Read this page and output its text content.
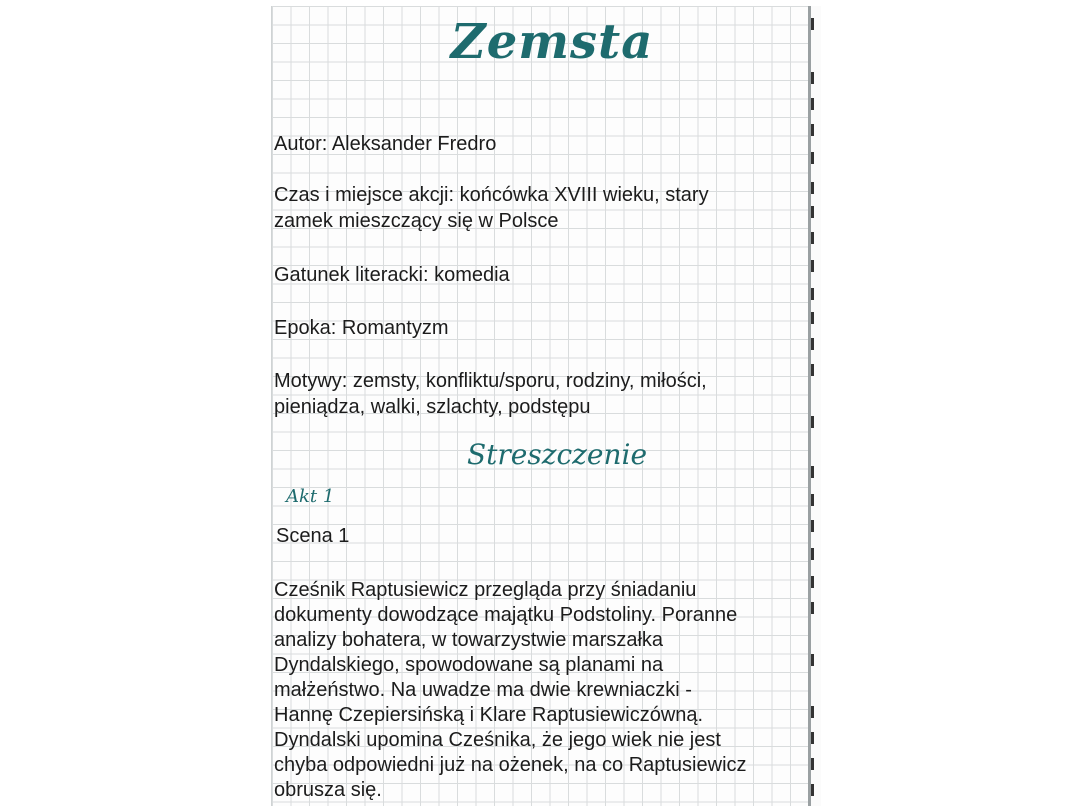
Zemsta
Autor: Aleksander Fredro
Czas i miejsce akcji: końcówka XVIII wieku, stary
zamek mieszczący się w Polsce
Gatunek literacki: komedia
Epoka: Romantyzm
Motywy: zemsty, konfliktu/sporu, rodziny, miłości,
pieniądza, walki, szlachty, podstępu
Streszczenie
Akt 1
Scena 1
Cześnik Raptusiewicz przegląda przy śniadaniu
dokumenty dowodzące majątku Podstoliny. Poranne
analizy bohatera, w towarzystwie marszałka
Dyndalskiego, spowodowane są planami na
małżeństwo. Na uwadze ma dwie krewniaczki -
Hannę Czepiersińską i Klare Raptusiewiczówną.
Dyndalski upomina Cześnika, że jego wiek nie jest
chyba odpowiedni już na ożenek, na co Raptusiewicz
obrusza się.
